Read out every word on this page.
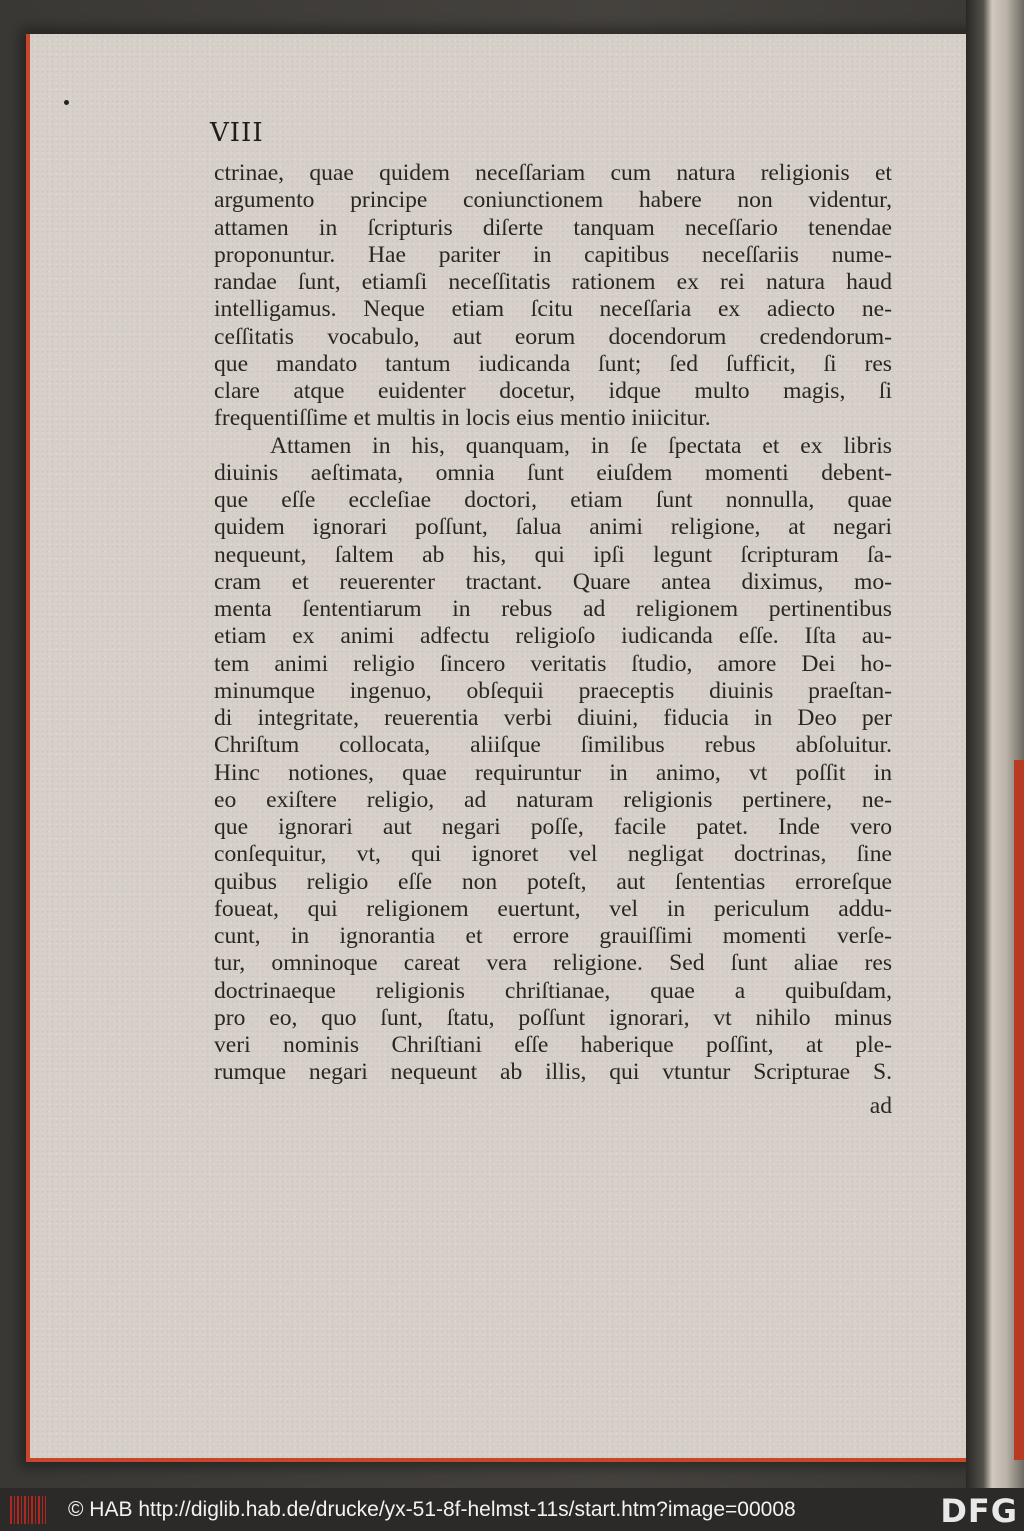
VIII
ctrinae, quae quidem neceſſariam cum natura religionis et
argumento principe coniunctionem habere non videntur,
attamen in ſcripturis diſerte tanquam neceſſario tenendae
proponuntur. Hae pariter in capitibus neceſſariis nume-
randae ſunt, etiamſi neceſſitatis rationem ex rei natura haud
intelligamus. Neque etiam ſcitu neceſſaria ex adiecto ne-
ceſſitatis vocabulo, aut eorum docendorum credendorum-
que mandato tantum iudicanda ſunt; ſed ſufficit, ſi res
clare atque euidenter docetur, idque multo magis, ſi
frequentiſſime et multis in locis eius mentio iniicitur.
Attamen in his, quanquam, in ſe ſpectata et ex libris
diuinis aeſtimata, omnia ſunt eiuſdem momenti debent-
que eſſe eccleſiae doctori, etiam ſunt nonnulla, quae
quidem ignorari poſſunt, ſalua animi religione, at negari
nequeunt, ſaltem ab his, qui ipſi legunt ſcripturam ſa-
cram et reuerenter tractant. Quare antea diximus, mo-
menta ſententiarum in rebus ad religionem pertinentibus
etiam ex animi adfectu religioſo iudicanda eſſe. Iſta au-
tem animi religio ſincero veritatis ſtudio, amore Dei ho-
minumque ingenuo, obſequii praeceptis diuinis praeſtan-
di integritate, reuerentia verbi diuini, fiducia in Deo per
Chriſtum collocata, aliiſque ſimilibus rebus abſoluitur.
Hinc notiones, quae requiruntur in animo, vt poſſit in
eo exiſtere religio, ad naturam religionis pertinere, ne-
que ignorari aut negari poſſe, facile patet. Inde vero
conſequitur, vt, qui ignoret vel negligat doctrinas, ſine
quibus religio eſſe non poteſt, aut ſententias erroreſque
foueat, qui religionem euertunt, vel in periculum addu-
cunt, in ignorantia et errore grauiſſimi momenti verſe-
tur, omninoque careat vera religione. Sed ſunt aliae res
doctrinaeque religionis chriſtianae, quae a quibuſdam,
pro eo, quo ſunt, ſtatu, poſſunt ignorari, vt nihilo minus
veri nominis Chriſtiani eſſe haberique poſſint, at ple-
rumque negari nequeunt ab illis, qui vtuntur Scripturae S.
ad
© HAB http://diglib.hab.de/drucke/yx-51-8f-helmst-11s/start.htm?image=00008	DFG
